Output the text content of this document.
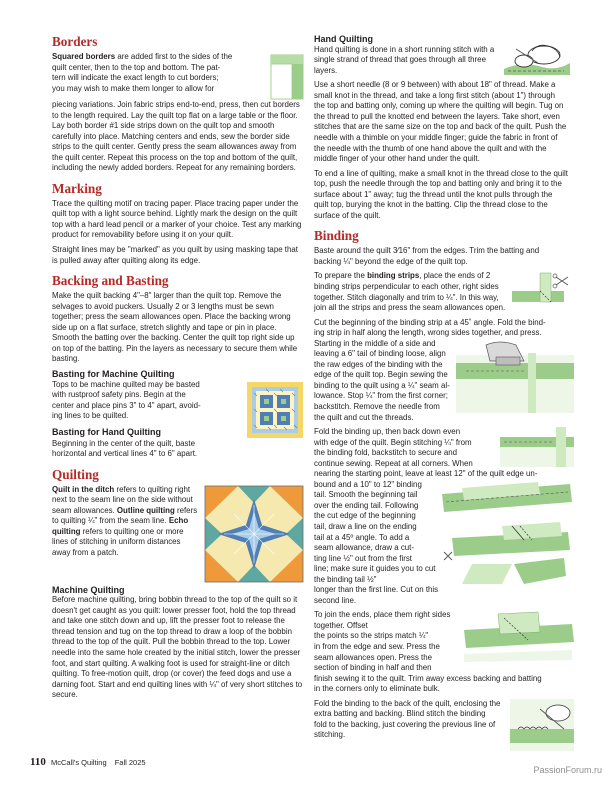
Borders

Squared borders are added first to the sides of the
quilt center, then to the top and bottom. The pat-
tern will indicate the exact length to cut borders;
you may wish to make them longer to allow for

piecing variations. Join fabric strips end-to-end, press, then cut borders to the length required. Lay the quilt top flat on a large table or the floor. Lay both border #1 side strips down on the quilt top and smooth carefully into place. Matching centers and ends, sew the border side strips to the quilt center. Gently press the seam allowances away from the quilt center. Repeat this process on the top and bottom of the quilt, including the newly added borders. Repeat for any remaining borders.

Marking

Trace the quilting motif on tracing paper. Place tracing paper under the quilt top with a light source behind. Lightly mark the design on the quilt top with a hard lead pencil or a marker of your choice. Test any marking product for removability before using it on your quilt.

Straight lines may be "marked" as you quilt by using masking tape that is pulled away after quilting along its edge.

Backing and Basting

Make the quilt backing 4"–8" larger than the quilt top. Remove the selvages to avoid puckers. Usually 2 or 3 lengths must be sewn together; press the seam allowances open. Place the backing wrong side up on a flat surface, stretch slightly and tape or pin in place. Smooth the batting over the backing. Center the quilt top right side up on top of the batting. Pin the layers as necessary to secure them while basting.

Basting for Machine Quilting

Tops to be machine quilted may be basted
with rustproof safety pins. Begin at the
center and place pins 3" to 4" apart, avoid-
ing lines to be quilted.

Basting for Hand Quilting

Beginning in the center of the quilt, baste
horizontal and vertical lines 4" to 6" apart.

Quilting

Quilt in the ditch refers to quilting right next to the seam line on the side without seam allowances. Outline quilting refers to quilting ¼" from the seam line. Echo quilting refers to quilting one or more lines of stitching in uniform distances away from a patch.

Machine Quilting

Before machine quilting, bring bobbin thread to the top of the quilt so it doesn't get caught as you quilt: lower presser foot, hold the top thread and take one stitch down and up, lift the presser foot to release the thread tension and tug on the top thread to draw a loop of the bobbin thread to the top of the quilt. Pull the bobbin thread to the top. Lower needle into the same hole created by the initial stitch, lower the presser foot, and start quilting. A walking foot is used for straight-line or ditch quilting. To free-motion quilt, drop (or cover) the feed dogs and use a darning foot. Start and end quilting lines with ¼" of very short stitches to secure.

Hand Quilting

Hand quilting is done in a short running stitch with a
single strand of thread that goes through all three layers.

Use a short needle (8 or 9 between) with about 18" of thread. Make a small knot in the thread, and take a long first stitch (about 1") through the top and batting only, coming up where the quilting will begin. Tug on the thread to pull the knotted end between the layers. Take short, even stitches that are the same size on the top and back of the quilt. Push the needle with a thimble on your middle finger; guide the fabric in front of the needle with the thumb of one hand above the quilt and with the middle finger of your other hand under the quilt.

To end a line of quilting, make a small knot in the thread close to the quilt top, push the needle through the top and batting only and bring it to the surface about 1" away; tug the thread until the knot pulls through the quilt top, burying the knot in the batting. Clip the thread close to the surface of the quilt.

Binding

Baste around the quilt 3⁄16" from the edges. Trim the batting and backing ¼" beyond the edge of the quilt top.

To prepare the binding strips, place the ends of 2
binding strips perpendicular to each other, right sides
together. Stitch diagonally and trim to ¼". In this way,
join all the strips and press the seam allowances open.

Cut the beginning of the binding strip at a 45˚ angle. Fold the bind-
ing strip in half along the length, wrong sides together, and press.

Starting in the middle of a side and
leaving a 6" tail of binding loose, align
the raw edges of the binding with the
edge of the quilt top. Begin sewing the
binding to the quilt using a ¼" seam al-
lowance. Stop ¼" from the first corner;
backstitch. Remove the needle from
the quilt and cut the threads.

Fold the binding up, then back down even
with edge of the quilt. Begin stitching ¼" from
the binding fold, backstitch to secure and
continue sewing. Repeat at all corners. When
nearing the starting point, leave at least 12" of the quilt edge un-

bound and a 10" to 12" binding
tail. Smooth the beginning tail
over the ending tail. Following
the cut edge of the beginning
tail, draw a line on the ending
tail at a 45º angle. To add a
seam allowance, draw a cut-
ting line ½" out from the first
line; make sure it guides you to cut the binding tail ½"
longer than the first line. Cut on this second line.

To join the ends, place them right sides together. Offset
the points so the strips match ¼"
in from the edge and sew. Press the
seam allowances open. Press the
section of binding in half and then
finish sewing it to the quilt. Trim away excess backing and batting
in the corners only to eliminate bulk.

Fold the binding to the back of the quilt, enclosing the
extra batting and backing. Blind stitch the binding
fold to the backing, just covering the previous line of
stitching.

110 McCall's Quilting Fall 2025
PassionForum.ru
